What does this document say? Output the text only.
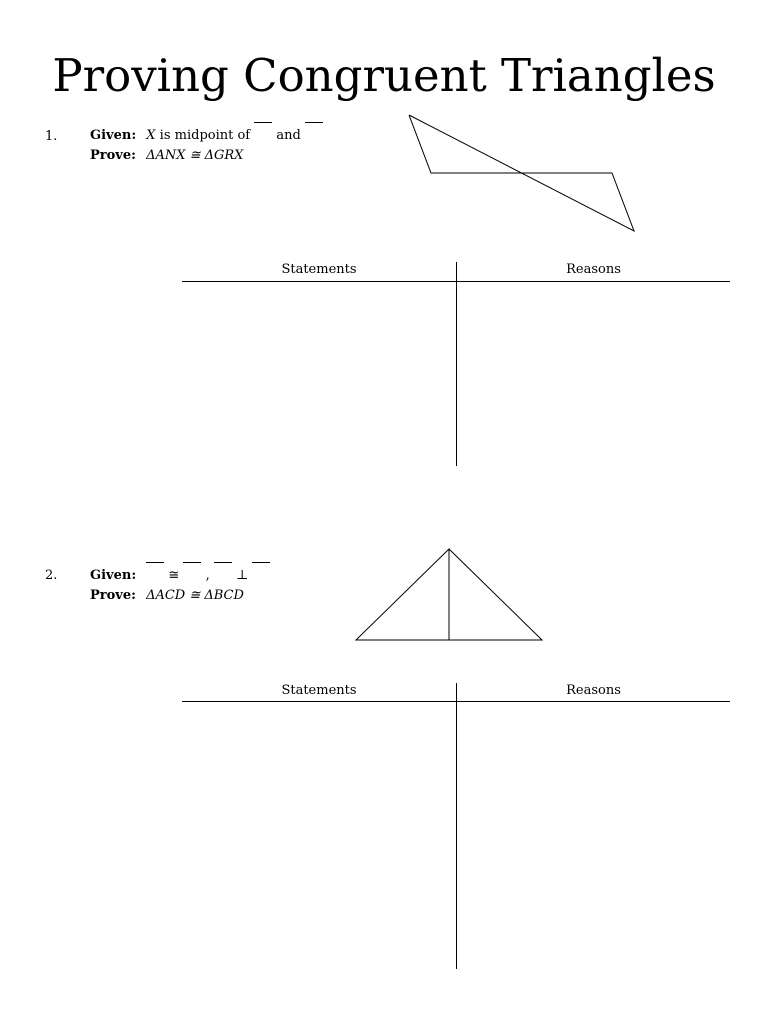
Proving Congruent Triangles
1.	Given: X is midpoint of and
Prove: ΔANX ≅ ΔGRX
Statements	Reasons
2.	Given: ≅ , ⊥
Prove: ΔACD ≅ ΔBCD
Statements	Reasons
